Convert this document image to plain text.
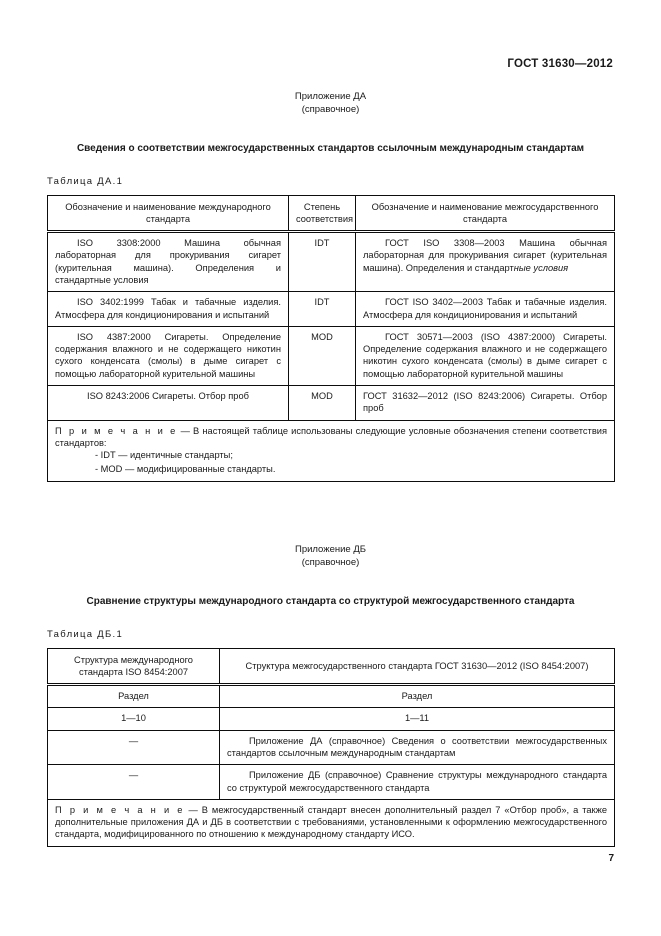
ГОСТ 31630—2012
Приложение ДА
(справочное)
Сведения о соответствии межгосударственных стандартов ссылочным международным стандартам
Таблица ДА.1
Обозначение и наименование международного стандарта	Степень соответствия	Обозначение и наименование межгосударственного стандарта
ISO 3308:2000 Машина обычная лабораторная для прокуривания сигарет (курительная машина). Определения и стандартные условия	IDT	ГОСТ ISO 3308—2003 Машина обычная лабораторная для прокуривания сигарет (курительная машина). Определения и стандартные условия
ISO 3402:1999 Табак и табачные изделия. Атмосфера для кондиционирования и испытаний	IDT	ГОСТ ISO 3402—2003 Табак и табачные изделия. Атмосфера для кондиционирования и испытаний
ISO 4387:2000 Сигареты. Определение содержания влажного и не содержащего никотин сухого конденсата (смолы) в дыме сигарет с помощью лабораторной курительной машины	MOD	ГОСТ 30571—2003 (ISO 4387:2000) Сигареты. Определение содержания влажного и не содержащего никотин сухого конденсата (смолы) в дыме сигарет с помощью лабораторной курительной машины
ISO 8243:2006 Сигареты. Отбор проб	MOD	ГОСТ 31632—2012 (ISO 8243:2006) Сигареты. Отбор проб
П р и м е ч а н и е — В настоящей таблице использованы следующие условные обозначения степени соответствия стандартов:
- IDT — идентичные стандарты;
- MOD — модифицированные стандарты.
Приложение ДБ
(справочное)
Сравнение структуры международного стандарта со структурой межгосударственного стандарта
Таблица ДБ.1
Структура международного стандарта ISO 8454:2007	Структура межгосударственного стандарта ГОСТ 31630—2012 (ISO 8454:2007)
Раздел	Раздел
1—10	1—11
—	Приложение ДА (справочное) Сведения о соответствии межгосударственных стандартов ссылочным международным стандартам
—	Приложение ДБ (справочное) Сравнение структуры международного стандарта со структурой межгосударственного стандарта
П р и м е ч а н и е — В межгосударственный стандарт внесен дополнительный раздел 7 «Отбор проб», а также дополнительные приложения ДА и ДБ в соответствии с требованиями, установленными к оформлению межгосударственного стандарта, модифицированного по отношению к международному стандарту ИСО.	
7
